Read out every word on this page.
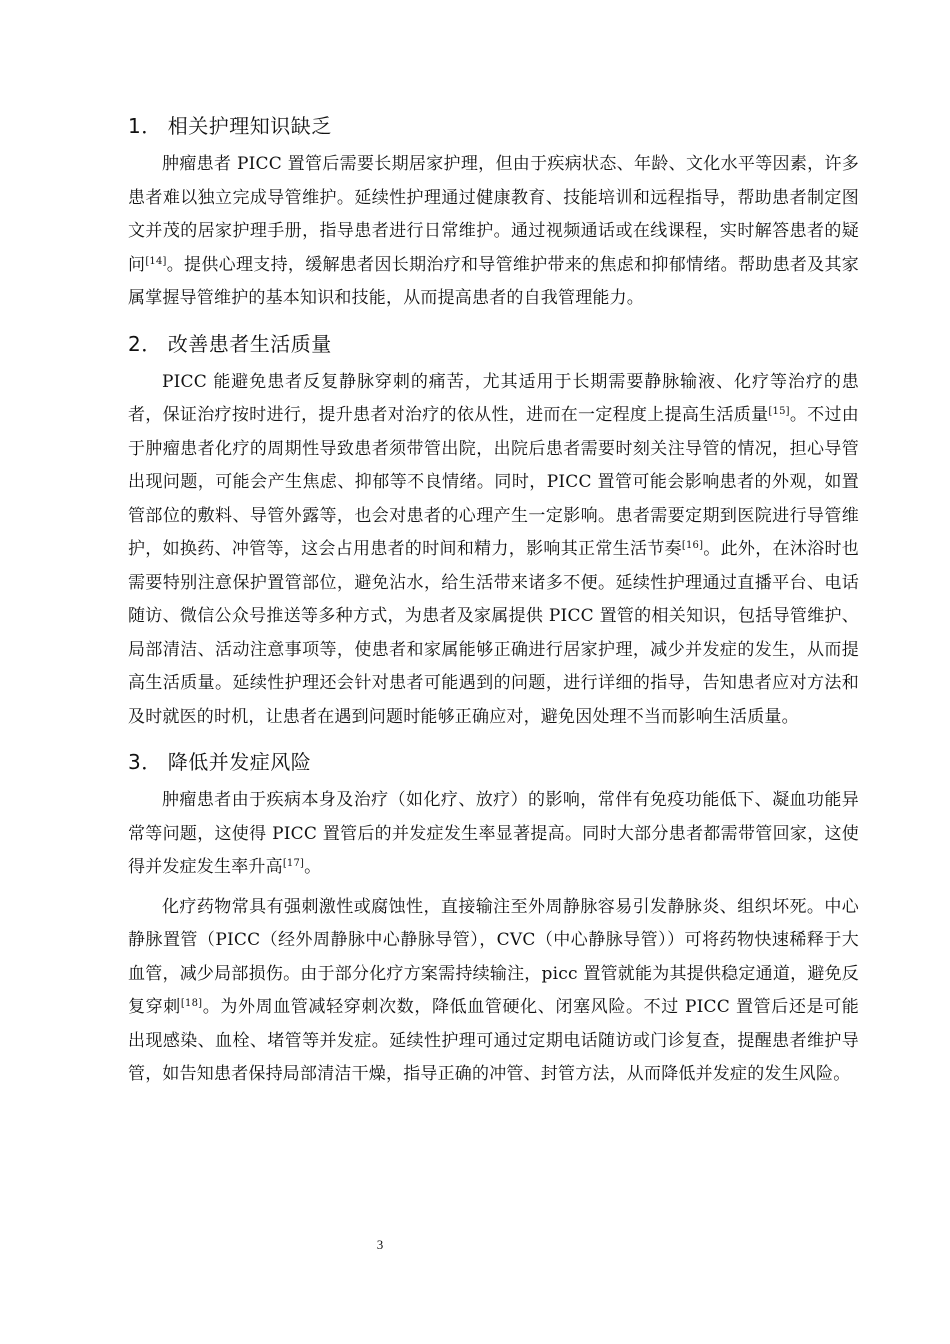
1． 相关护理知识缺乏

肿瘤患者 PICC 置管后需要长期居家护理，但由于疾病状态、年龄、文化水平等因素，许多患者难以独立完成导管维护。延续性护理通过健康教育、技能培训和远程指导，帮助患者制定图文并茂的居家护理手册，指导患者进行日常维护。通过视频通话或在线课程，实时解答患者的疑问[14]。提供心理支持，缓解患者因长期治疗和导管维护带来的焦虑和抑郁情绪。帮助患者及其家属掌握导管维护的基本知识和技能，从而提高患者的自我管理能力。

2． 改善患者生活质量

PICC 能避免患者反复静脉穿刺的痛苦，尤其适用于长期需要静脉输液、化疗等治疗的患者，保证治疗按时进行，提升患者对治疗的依从性，进而在一定程度上提高生活质量[15]。不过由于肿瘤患者化疗的周期性导致患者须带管出院，出院后患者需要时刻关注导管的情况，担心导管出现问题，可能会产生焦虑、抑郁等不良情绪。同时，PICC 置管可能会影响患者的外观，如置管部位的敷料、导管外露等，也会对患者的心理产生一定影响。患者需要定期到医院进行导管维护，如换药、冲管等，这会占用患者的时间和精力，影响其正常生活节奏[16]。此外，在沐浴时也需要特别注意保护置管部位，避免沾水，给生活带来诸多不便。延续性护理通过直播平台、电话随访、微信公众号推送等多种方式，为患者及家属提供 PICC 置管的相关知识，包括导管维护、局部清洁、活动注意事项等，使患者和家属能够正确进行居家护理，减少并发症的发生，从而提高生活质量。延续性护理还会针对患者可能遇到的问题，进行详细的指导，告知患者应对方法和及时就医的时机，让患者在遇到问题时能够正确应对，避免因处理不当而影响生活质量。

3． 降低并发症风险

肿瘤患者由于疾病本身及治疗（如化疗、放疗）的影响，常伴有免疫功能低下、凝血功能异常等问题，这使得 PICC 置管后的并发症发生率显著提高。同时大部分患者都需带管回家，这使得并发症发生率升高[17]。

化疗药物常具有强刺激性或腐蚀性，直接输注至外周静脉容易引发静脉炎、组织坏死。中心静脉置管（PICC（经外周静脉中心静脉导管），CVC（中心静脉导管））可将药物快速稀释于大血管，减少局部损伤。由于部分化疗方案需持续输注，picc 置管就能为其提供稳定通道，避免反复穿刺[18]。为外周血管减轻穿刺次数，降低血管硬化、闭塞风险。不过 PICC 置管后还是可能出现感染、血栓、堵管等并发症。延续性护理可通过定期电话随访或门诊复查，提醒患者维护导管，如告知患者保持局部清洁干燥，指导正确的冲管、封管方法，从而降低并发症的发生风险。

3
